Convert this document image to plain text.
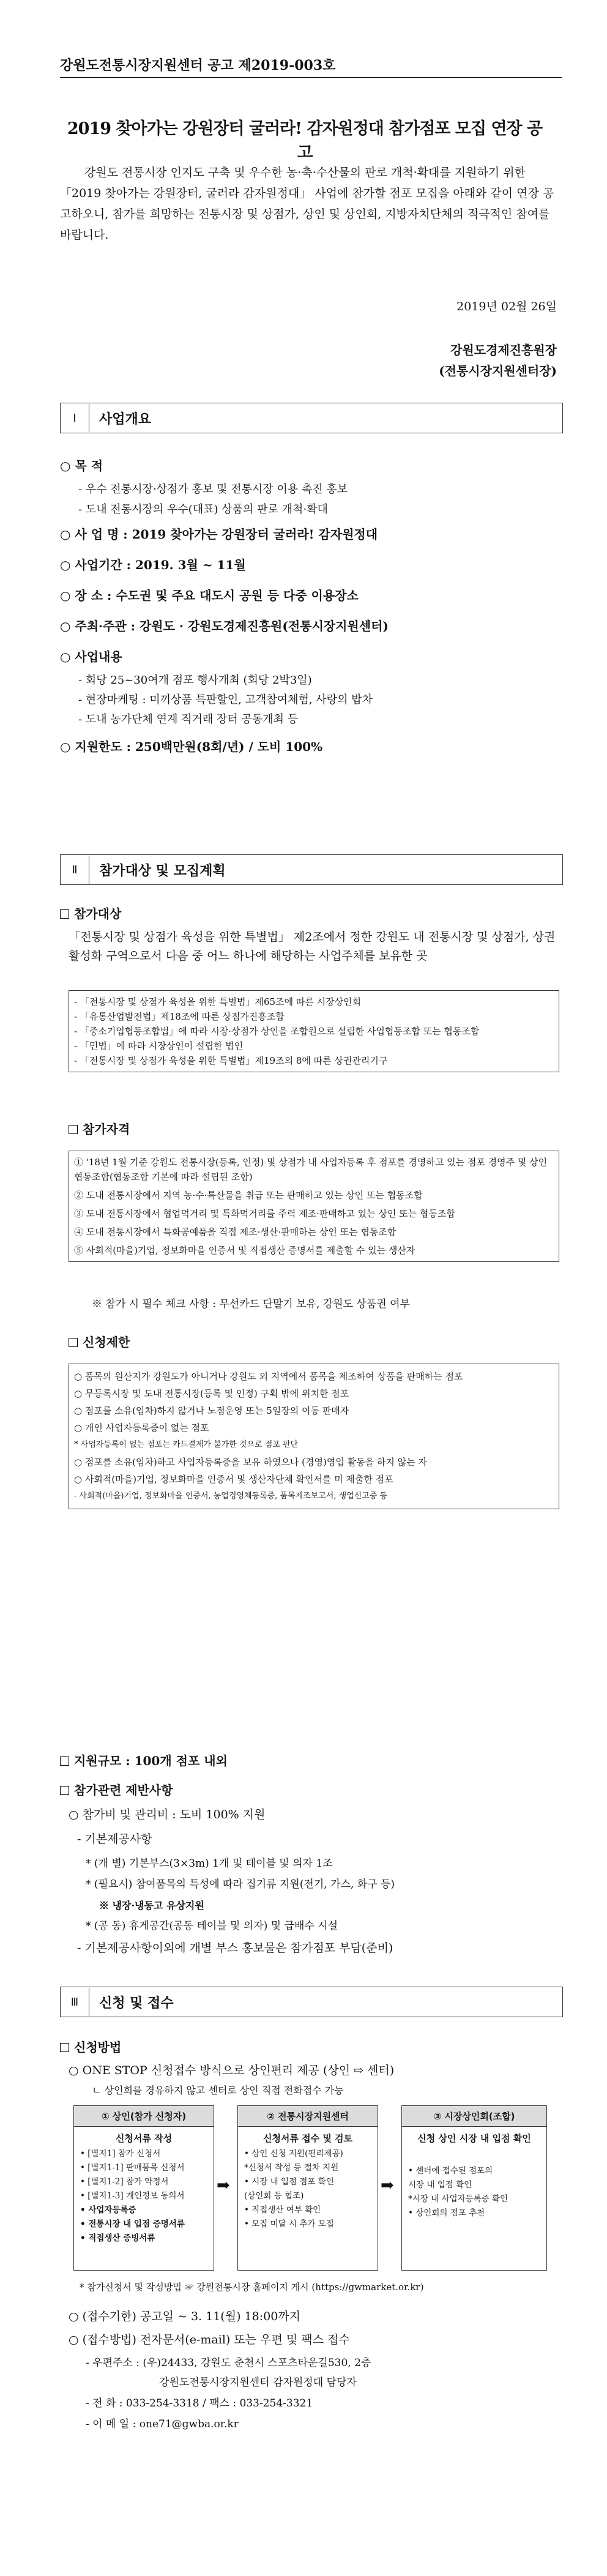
강원도전통시장지원센터 공고 제2019-003호
2019 찾아가는 강원장터 굴러라! 감자원정대 참가점포 모집 연장 공고

강원도 전통시장 인지도 구축 및 우수한 농·축·수산물의 판로 개척·확대를 지원하기 위한 「2019 찾아가는 강원장터, 굴러라 감자원정대」 사업에 참가할 점포 모집을 아래와 같이 연장 공고하오니, 참가를 희망하는 전통시장 및 상점가, 상인 및 상인회, 지방자치단체의 적극적인 참여를 바랍니다.

2019년 02월 26일
강원도경제진흥원장
(전통시장지원센터장)
Ⅰ	사업개요
○ 목 적
- 우수 전통시장·상점가 홍보 및 전통시장 이용 촉진 홍보
- 도내 전통시장의 우수(대표) 상품의 판로 개척·확대
○ 사 업 명 : 2019 찾아가는 강원장터 굴러라! 감자원정대
○ 사업기간 : 2019. 3월 ~ 11월
○ 장 소 : 수도권 및 주요 대도시 공원 등 다중 이용장소
○ 주최·주관 : 강원도 · 강원도경제진흥원(전통시장지원센터)
○ 사업내용
- 회당 25~30여개 점포 행사개최 (회당 2박3일)
- 현장마케팅 : 미끼상품 특판할인, 고객참여체험, 사랑의 밥차
- 도내 농가단체 연계 직거래 장터 공동개최 등
○ 지원한도 : 250백만원(8회/년) / 도비 100%
Ⅱ	참가대상 및 모집계획
참가대상
「전통시장 및 상점가 육성을 위한 특별법」 제2조에서 정한 강원도 내 전통시장 및 상점가, 상권활성화 구역으로서 다음 중 어느 하나에 해당하는 사업주체를 보유한 곳
- 「전통시장 및 상점가 육성을 위한 특별법」제65조에 따른 시장상인회
- 「유통산업발전법」제18조에 따른 상점가진흥조합
- 「중소기업협동조합법」에 따라 시장·상점가 상인을 조합원으로 설립한 사업협동조합 또는 협동조합
- 「민법」에 따라 시장상인이 설립한 법인
- 「전통시장 및 상점가 육성을 위한 특별법」제19조의 8에 따른 상권관리기구
참가자격
① '18년 1월 기준 강원도 전통시장(등록, 인정) 및 상점가 내 사업자등록 후 점포를 경영하고 있는 점포 경영주 및 상인협동조합(협동조합 기본에 따라 설립된 조합)
② 도내 전통시장에서 지역 농·수·특산물을 취급 또는 판매하고 있는 상인 또는 협동조합
③ 도내 전통시장에서 협업먹거리 및 특화먹거리를 주력 제조·판매하고 있는 상인 또는 협동조합
④ 도내 전통시장에서 특화공예품을 직접 제조·생산·판매하는 상인 또는 협동조합
⑤ 사회적(마을)기업, 정보화마을 인증서 및 직접생산 증명서를 제출할 수 있는 생산자
※ 참가 시 필수 체크 사항 : 무선카드 단말기 보유, 강원도 상품권 여부
신청제한
○ 품목의 원산지가 강원도가 아니거나 강원도 외 지역에서 품목을 제조하여 상품을 판매하는 점포
○ 무등록시장 및 도내 전통시장(등록 및 인정) 구획 밖에 위치한 점포
○ 점포를 소유(임차)하지 않거나 노점운영 또는 5일장의 이동 판매자
○ 개인 사업자등록증이 없는 점포
* 사업자등록이 없는 점포는 카드결제가 불가한 것으로 점포 판단
○ 점포를 소유(임차)하고 사업자등록증을 보유 하였으나 (경영)영업 활동을 하지 않는 자
○ 사회적(마을)기업, 정보화마을 인증서 및 생산자단체 확인서를 미 제출한 점포
- 사회적(마을)기업, 정보화마을 인증서, 농업경영체등록증, 품목제조보고서, 생업신고증 등
지원규모 : 100개 점포 내외
참가관련 제반사항
○ 참가비 및 관리비 : 도비 100% 지원
- 기본제공사항
* (개 별) 기본부스(3×3m) 1개 및 테이블 및 의자 1조
* (필요시) 참여품목의 특성에 따라 집기류 지원(전기, 가스, 화구 등)
※ 냉장·냉동고 유상지원
* (공 동) 휴게공간(공동 테이블 및 의자) 및 급배수 시설
- 기본제공사항이외에 개별 부스 홍보물은 참가점포 부담(준비)
Ⅲ	신청 및 접수
신청방법
○ ONE STOP 신청접수 방식으로 상인편리 제공 (상인 ⇨ 센터)
ㄴ 상인회를 경유하지 않고 센터로 상인 직접 전화접수 가능
① 상인(참가 신청자)
신청서류 작성
• [별지1] 참가 신청서
• [별지1-1] 판매품목 신청서
• [별지1-2] 참가 약정서
• [별지1-3] 개인정보 동의서
• 사업자등록증
• 전통시장 내 입점 증명서류
• 직접생산 증빙서류
➡
② 전통시장지원센터
신청서류 접수 및 검토
• 상인 신청 지원(편리제공)
*신청서 작성 등 절차 지원
• 시장 내 입점 점포 확인
(상인회 등 협조)
• 직접생산 여부 확인
• 모집 미달 시 추가 모집
➡
③ 시장상인회(조합)
신청 상인 시장 내 입점 확인
• 센터에 접수된 점포의
시장 내 입점 확인
*시장 내 사업자등록증 확인
• 상인회의 점포 추천
* 참가신청서 및 작성방법 ☞ 강원전통시장 홈페이지 게시 (https://gwmarket.or.kr)
○ (접수기한) 공고일 ~ 3. 11(월) 18:00까지
○ (접수방법) 전자문서(e-mail) 또는 우편 및 팩스 접수
- 우편주소 : (우)24433, 강원도 춘천시 스포츠타운길530, 2층
강원도전통시장지원센터 감자원정대 담당자
- 전 화 : 033-254-3318 / 팩스 : 033-254-3321
- 이 메 일 : one71@gwba.or.kr
